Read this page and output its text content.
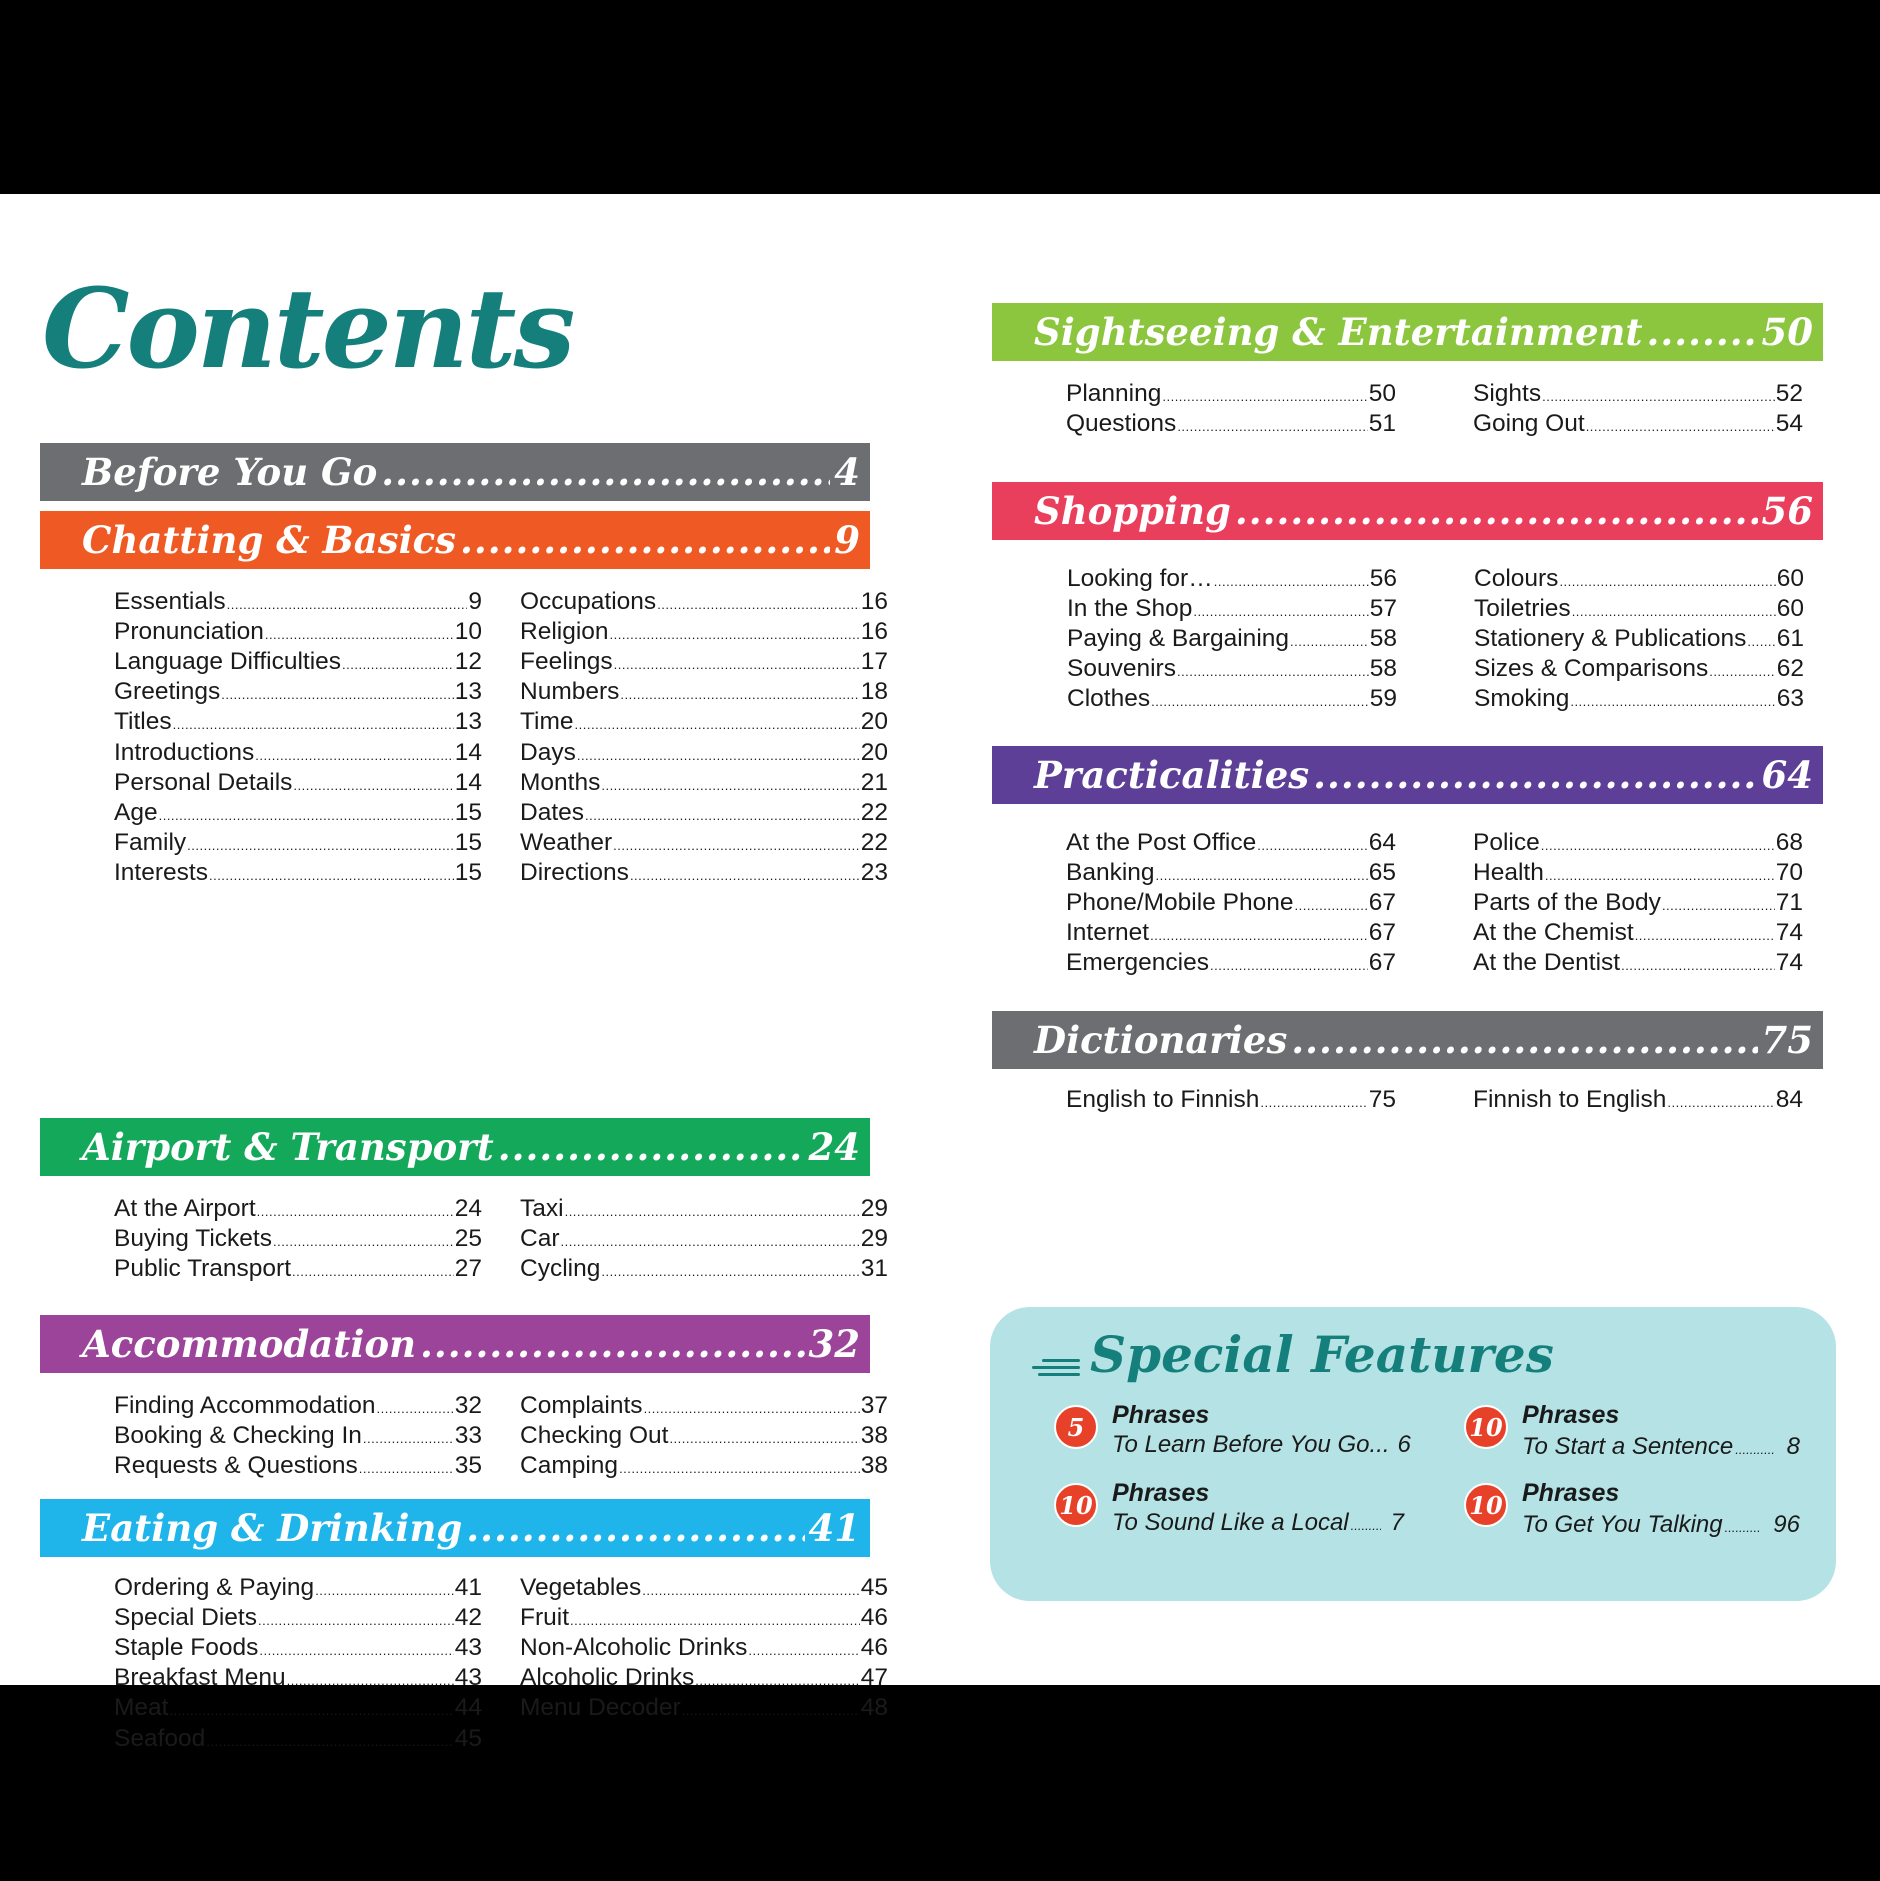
Contents
Before You Go .....	4
Chatting & Basics .....	9
Essentials .....	9
Pronunciation .....	10
Language Difficulties .....	12
Greetings .....	13
Titles .....	13
Introductions .....	14
Personal Details .....	14
Age .....	15
Family .....	15
Interests .....	15
Occupations .....	16
Religion .....	16
Feelings .....	17
Numbers .....	18
Time .....	20
Days .....	20
Months .....	21
Dates .....	22
Weather .....	22
Directions .....	23
Airport & Transport .....	24
At the Airport .....	24
Buying Tickets .....	25
Public Transport .....	27
Taxi .....	29
Car .....	29
Cycling .....	31
Accommodation .....	32
Finding Accommodation .....	32
Booking & Checking In .....	33
Requests & Questions .....	35
Complaints .....	37
Checking Out .....	38
Camping .....	38
Eating & Drinking .....	41
Ordering & Paying .....	41
Special Diets .....	42
Staple Foods .....	43
Breakfast Menu .....	43
Meat .....	44
Seafood .....	45
Vegetables .....	45
Fruit .....	46
Non-Alcoholic Drinks .....	46
Alcoholic Drinks .....	47
Menu Decoder .....	48
Sightseeing & Entertainment .....	50
Planning .....	50
Questions .....	51
Sights .....	52
Going Out .....	54
Shopping .....	56
Looking for… .....	56
In the Shop .....	57
Paying & Bargaining .....	58
Souvenirs .....	58
Clothes .....	59
Colours .....	60
Toiletries .....	60
Stationery & Publications ..... 61
Sizes & Comparisons .....	62
Smoking .....	63
Practicalities .....	64
At the Post Office .....	64
Banking .....	65
Phone/Mobile Phone .....	67
Internet .....	67
Emergencies .....	67
Police .....	68
Health .....	70
Parts of the Body .....	71
At the Chemist .....	74
At the Dentist .....	74
Dictionaries .....	75
English to Finnish .....	75	Finnish to English .....	84
Special Features
5	Phrases
To Learn Before You Go... 6
10 Phrases
To Start a Sentence ..... 8
10 Phrases
To Sound Like a Local ..... 7
10 Phrases
To Get You Talking ..... 96
